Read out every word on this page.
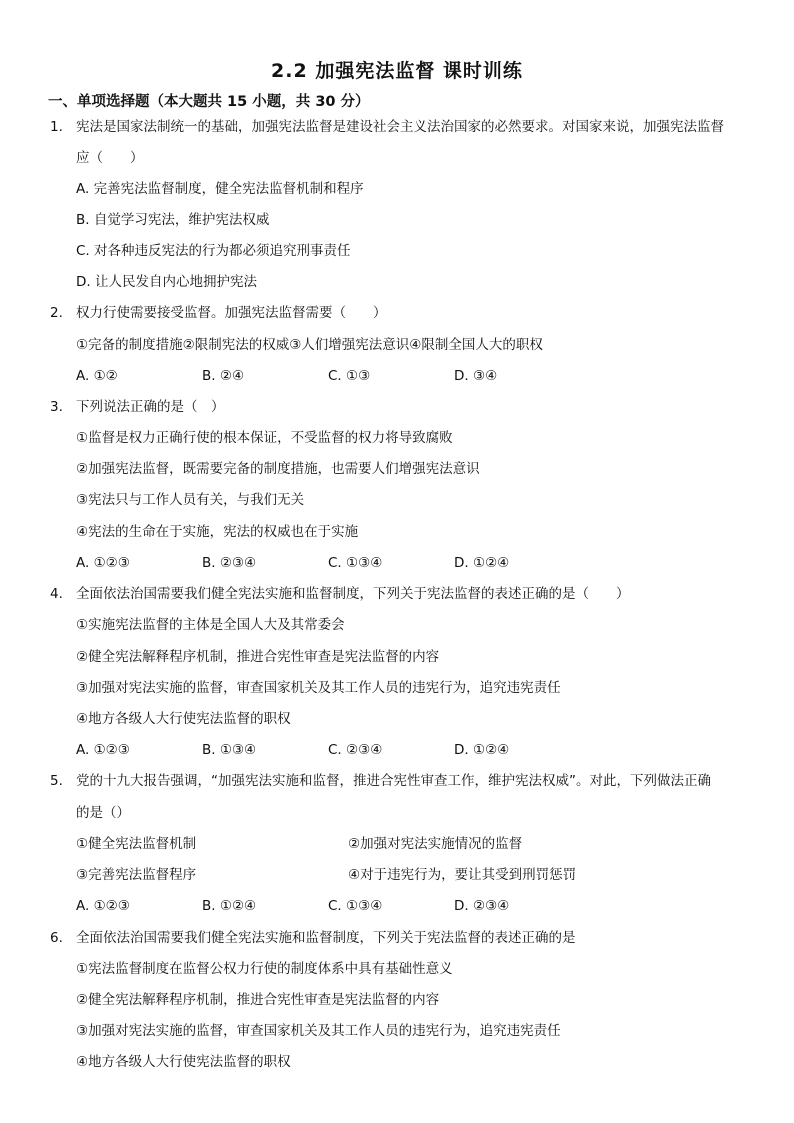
2.2 加强宪法监督 课时训练
一、单项选择题（本大题共 15 小题，共 30 分）
1. 宪法是国家法制统一的基础，加强宪法监督是建设社会主义法治国家的必然要求。对国家来说，加强宪法监督
应（　　）
A. 完善宪法监督制度，健全宪法监督机制和程序
B. 自觉学习宪法，维护宪法权威
C. 对各种违反宪法的行为都必须追究刑事责任
D. 让人民发自内心地拥护宪法
2. 权力行使需要接受监督。加强宪法监督需要（　　）
①完备的制度措施②限制宪法的权威③人们增强宪法意识④限制全国人大的职权
A. ①②	B. ②④	C. ①③	D. ③④
3. 下列说法正确的是（　）
①监督是权力正确行使的根本保证，不受监督的权力将导致腐败
②加强宪法监督，既需要完备的制度措施，也需要人们增强宪法意识
③宪法只与工作人员有关，与我们无关
④宪法的生命在于实施，宪法的权威也在于实施
A. ①②③	B. ②③④	C. ①③④	D. ①②④
4. 全面依法治国需要我们健全宪法实施和监督制度，下列关于宪法监督的表述正确的是（　　）
①实施宪法监督的主体是全国人大及其常委会
②健全宪法解释程序机制，推进合宪性审查是宪法监督的内容
③加强对宪法实施的监督，审查国家机关及其工作人员的违宪行为，追究违宪责任
④地方各级人大行使宪法监督的职权
A. ①②③	B. ①③④	C. ②③④	D. ①②④
5. 党的十九大报告强调，“加强宪法实施和监督，推进合宪性审查工作，维护宪法权威”。对此，下列做法正确
的是（）
①健全宪法监督机制	②加强对宪法实施情况的监督
③完善宪法监督程序	④对于违宪行为，要让其受到刑罚惩罚
A. ①②③	B. ①②④	C. ①③④	D. ②③④
6. 全面依法治国需要我们健全宪法实施和监督制度，下列关于宪法监督的表述正确的是
①宪法监督制度在监督公权力行使的制度体系中具有基础性意义
②健全宪法解释程序机制，推进合宪性审查是宪法监督的内容
③加强对宪法实施的监督，审查国家机关及其工作人员的违宪行为，追究违宪责任
④地方各级人大行使宪法监督的职权
